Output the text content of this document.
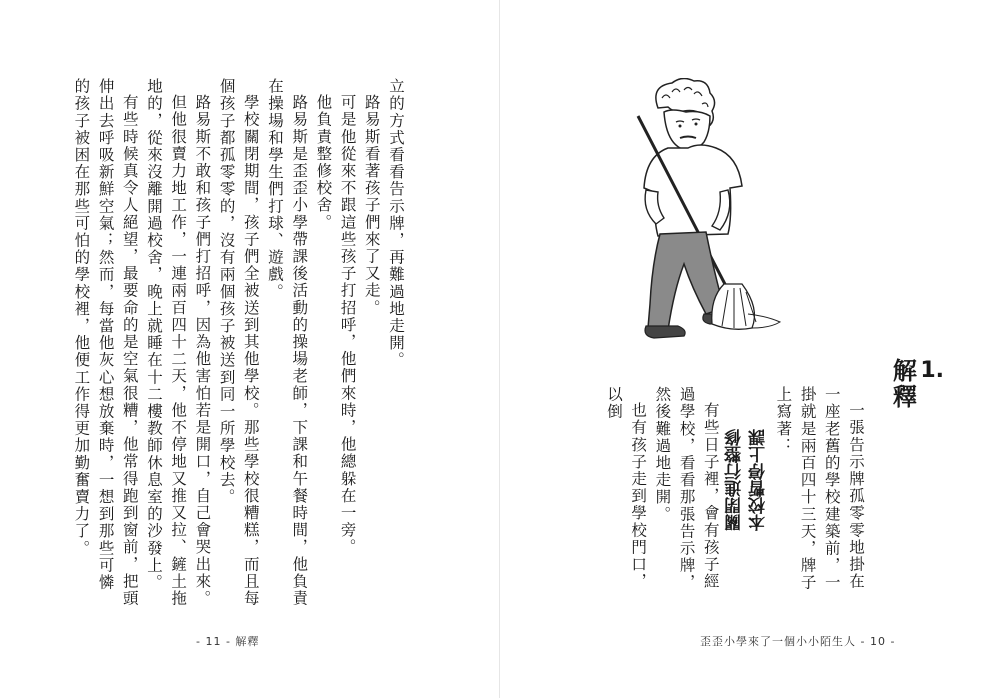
立的方式看看告示牌，再難過地走開。

路易斯看著孩子們來了又走。

可是他從來不跟這些孩子打招呼，他們來時，他總躲在一旁。

他負責整修校舍。

路易斯是歪歪小學帶課後活動的操場老師，下課和午餐時間，他負責在操場和學生們打球、遊戲。

學校關閉期間，孩子們全被送到其他學校。那些學校很糟糕，而且每個孩子都孤零零的，沒有兩個孩子被送到同一所學校去。

路易斯不敢和孩子們打招呼，因為他害怕若是開口，自己會哭出來。

但他很賣力地工作，一連兩百四十二天，他不停地又推又拉、鏟土拖地的，從來沒離開過校舍，晚上就睡在十二樓教師休息室的沙發上。

有些時候真令人絕望，最要命的是空氣很糟，他常得跑到窗前，把頭伸出去呼吸新鮮空氣；然而，每當他灰心想放棄時，一想到那些可憐的孩子被困在那些可怕的學校裡，他便工作得更加勤奮賣力了。

- 11 - 解釋
1.
解釋

一張告示牌孤零零地掛在一座老舊的學校建築前，一掛就是兩百四十三天，牌子上寫著：

本校暫停上課

關閉進行整修

有些日子裡，會有孩子經過學校，看看那張告示牌，然後難過地走開。

也有孩子走到學校門口，以倒

歪歪小學來了一個小小陌生人 - 10 -
